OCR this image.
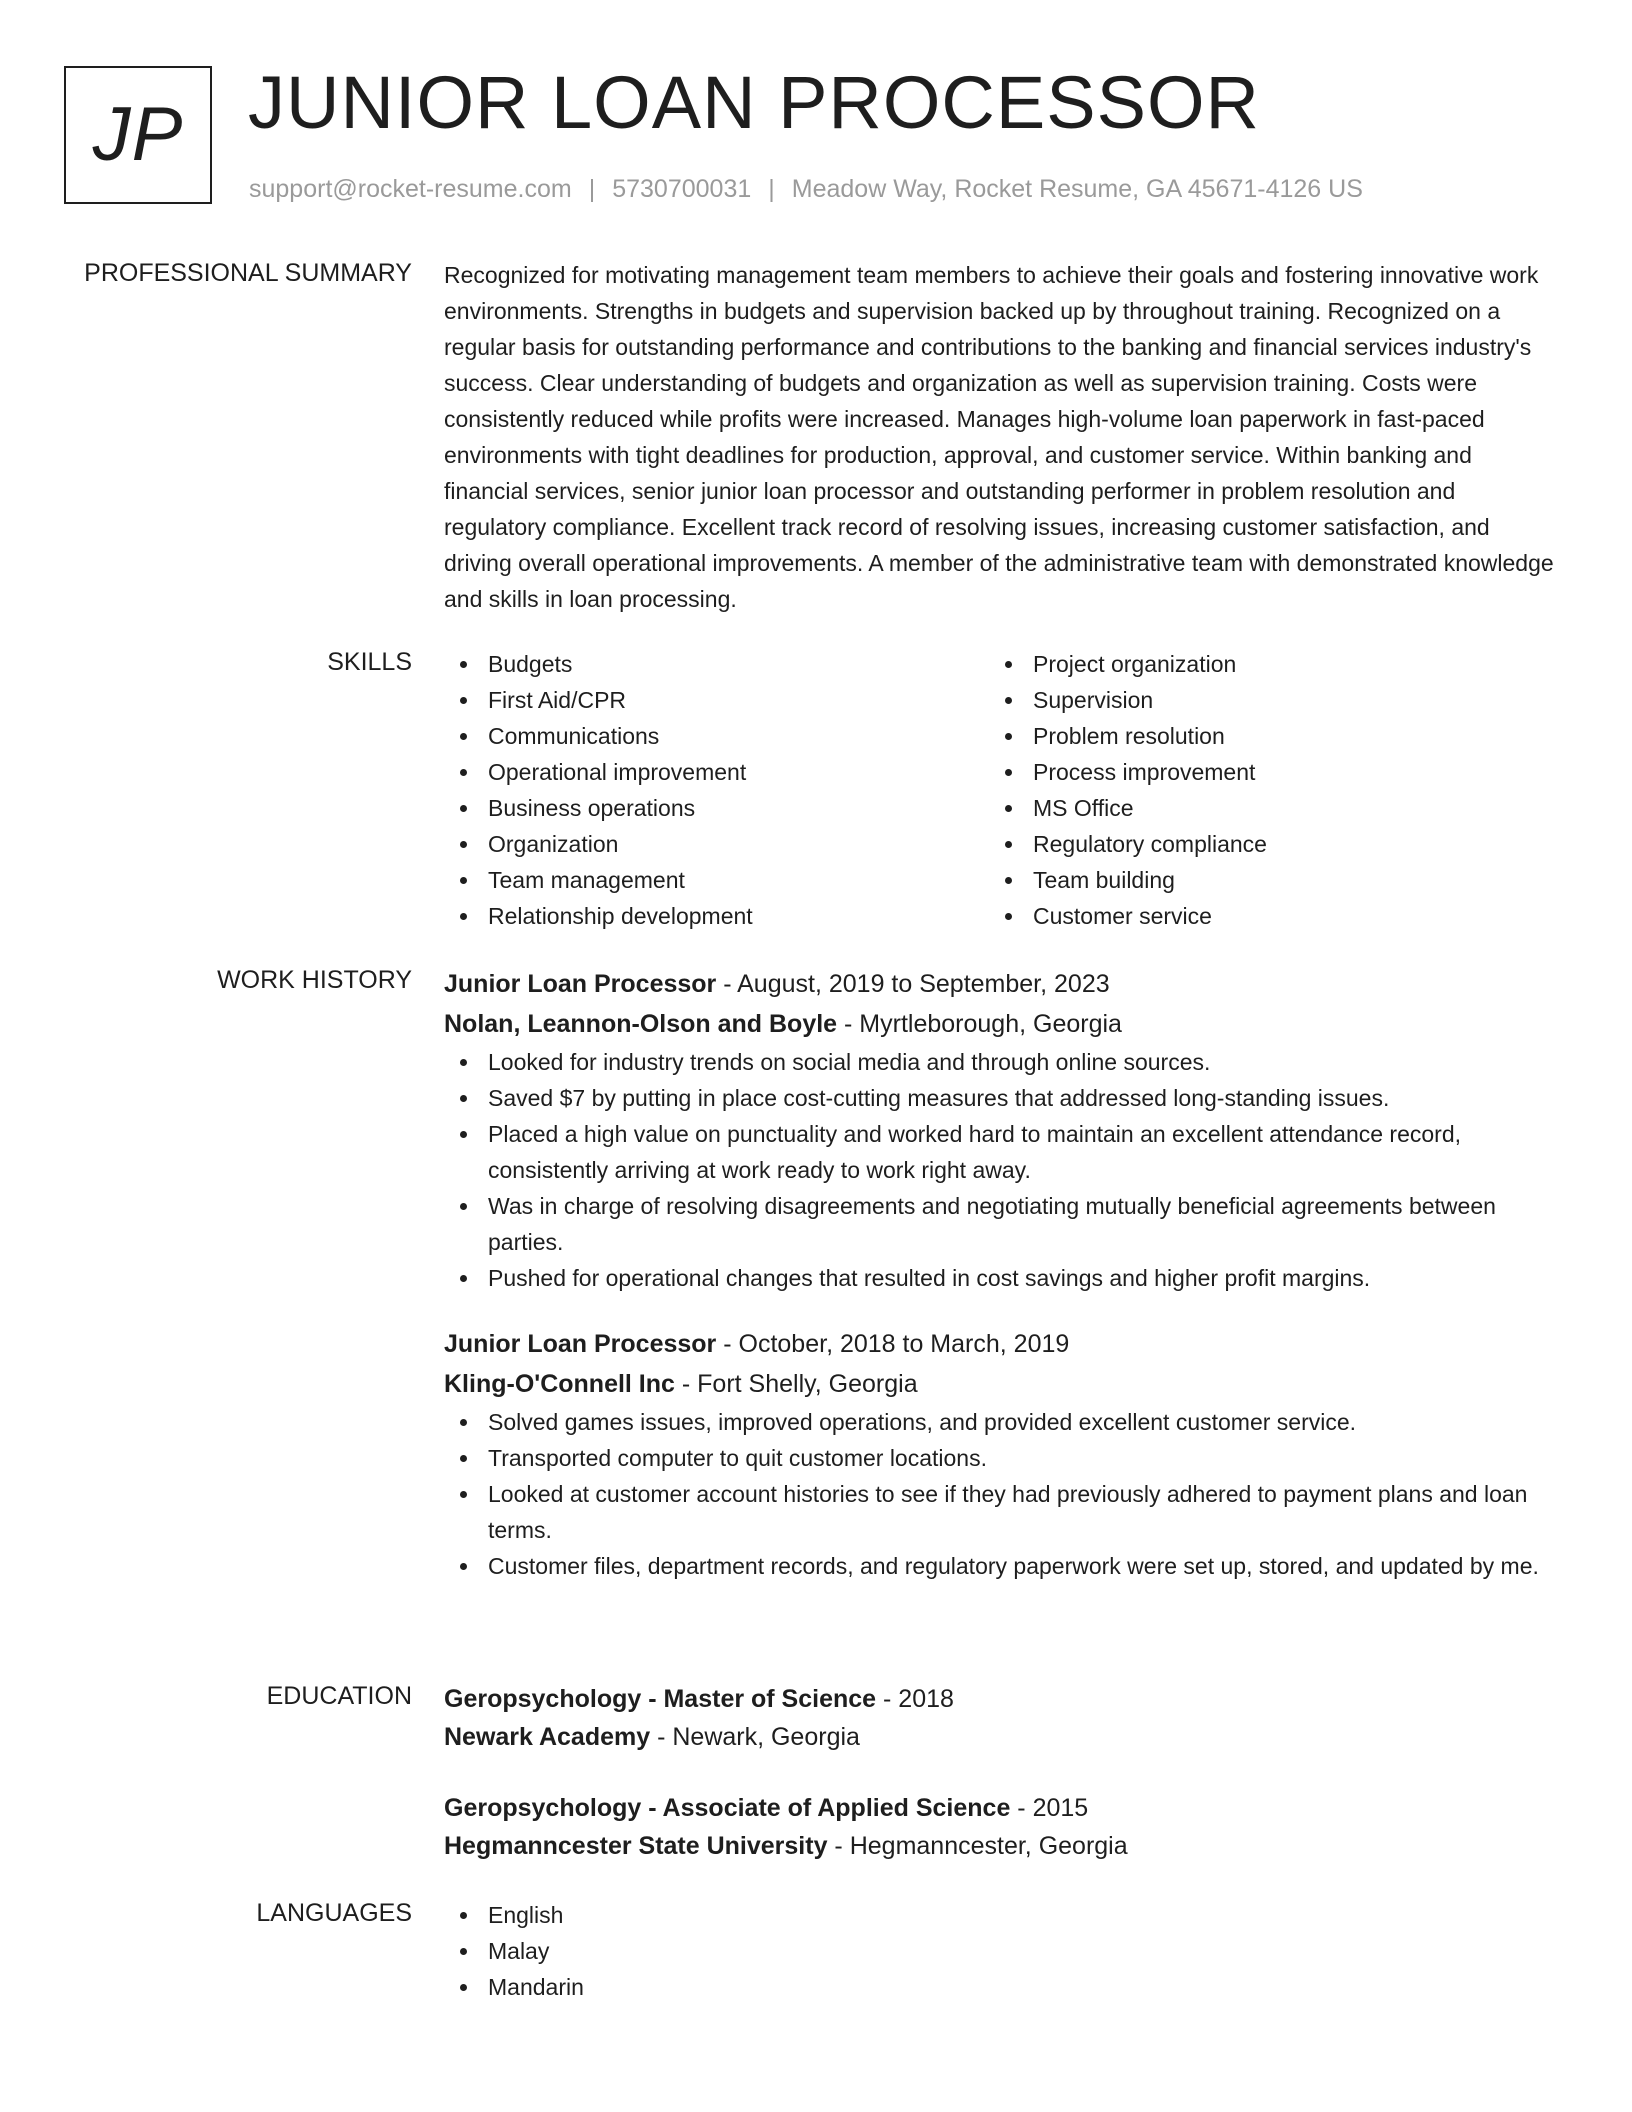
JP JUNIOR LOAN PROCESSOR
support@rocket-resume.com | 5730700031 | Meadow Way, Rocket Resume, GA 45671-4126 US
PROFESSIONAL SUMMARY Recognized for motivating management team members to achieve their goals and fostering innovative work environments. Strengths in budgets and supervision backed up by throughout training. Recognized on a regular basis for outstanding performance and contributions to the banking and financial services industry's success. Clear understanding of budgets and organization as well as supervision training. Costs were consistently reduced while profits were increased. Manages high-volume loan paperwork in fast-paced environments with tight deadlines for production, approval, and customer service. Within banking and financial services, senior junior loan processor and outstanding performer in problem resolution and regulatory compliance. Excellent track record of resolving issues, increasing customer satisfaction, and driving overall operational improvements. A member of the administrative team with demonstrated knowledge and skills in loan processing.

SKILLS	Budgets
First Aid/CPR
Communications
Operational improvement
Business operations
Organization
Team management
Relationship development
Project organization
Supervision
Problem resolution
Process improvement
MS Office
Regulatory compliance
Team building
Customer service
WORK HISTORY Junior Loan Processor - August, 2019 to September, 2023
Nolan, Leannon-Olson and Boyle - Myrtleborough, Georgia
Looked for industry trends on social media and through online sources.
Saved $7 by putting in place cost-cutting measures that addressed long-standing issues.
Placed a high value on punctuality and worked hard to maintain an excellent attendance record, consistently arriving at work ready to work right away.
Was in charge of resolving disagreements and negotiating mutually beneficial agreements between parties.
Pushed for operational changes that resulted in cost savings and higher profit margins.
Junior Loan Processor - October, 2018 to March, 2019
Kling-O'Connell Inc - Fort Shelly, Georgia
Solved games issues, improved operations, and provided excellent customer service.
Transported computer to quit customer locations.
Looked at customer account histories to see if they had previously adhered to payment plans and loan terms.
Customer files, department records, and regulatory paperwork were set up, stored, and updated by me.
EDUCATION Geropsychology - Master of Science - 2018
Newark Academy - Newark, Georgia
Geropsychology - Associate of Applied Science - 2015
Hegmanncester State University - Hegmanncester, Georgia
LANGUAGES	English
Malay
Mandarin
